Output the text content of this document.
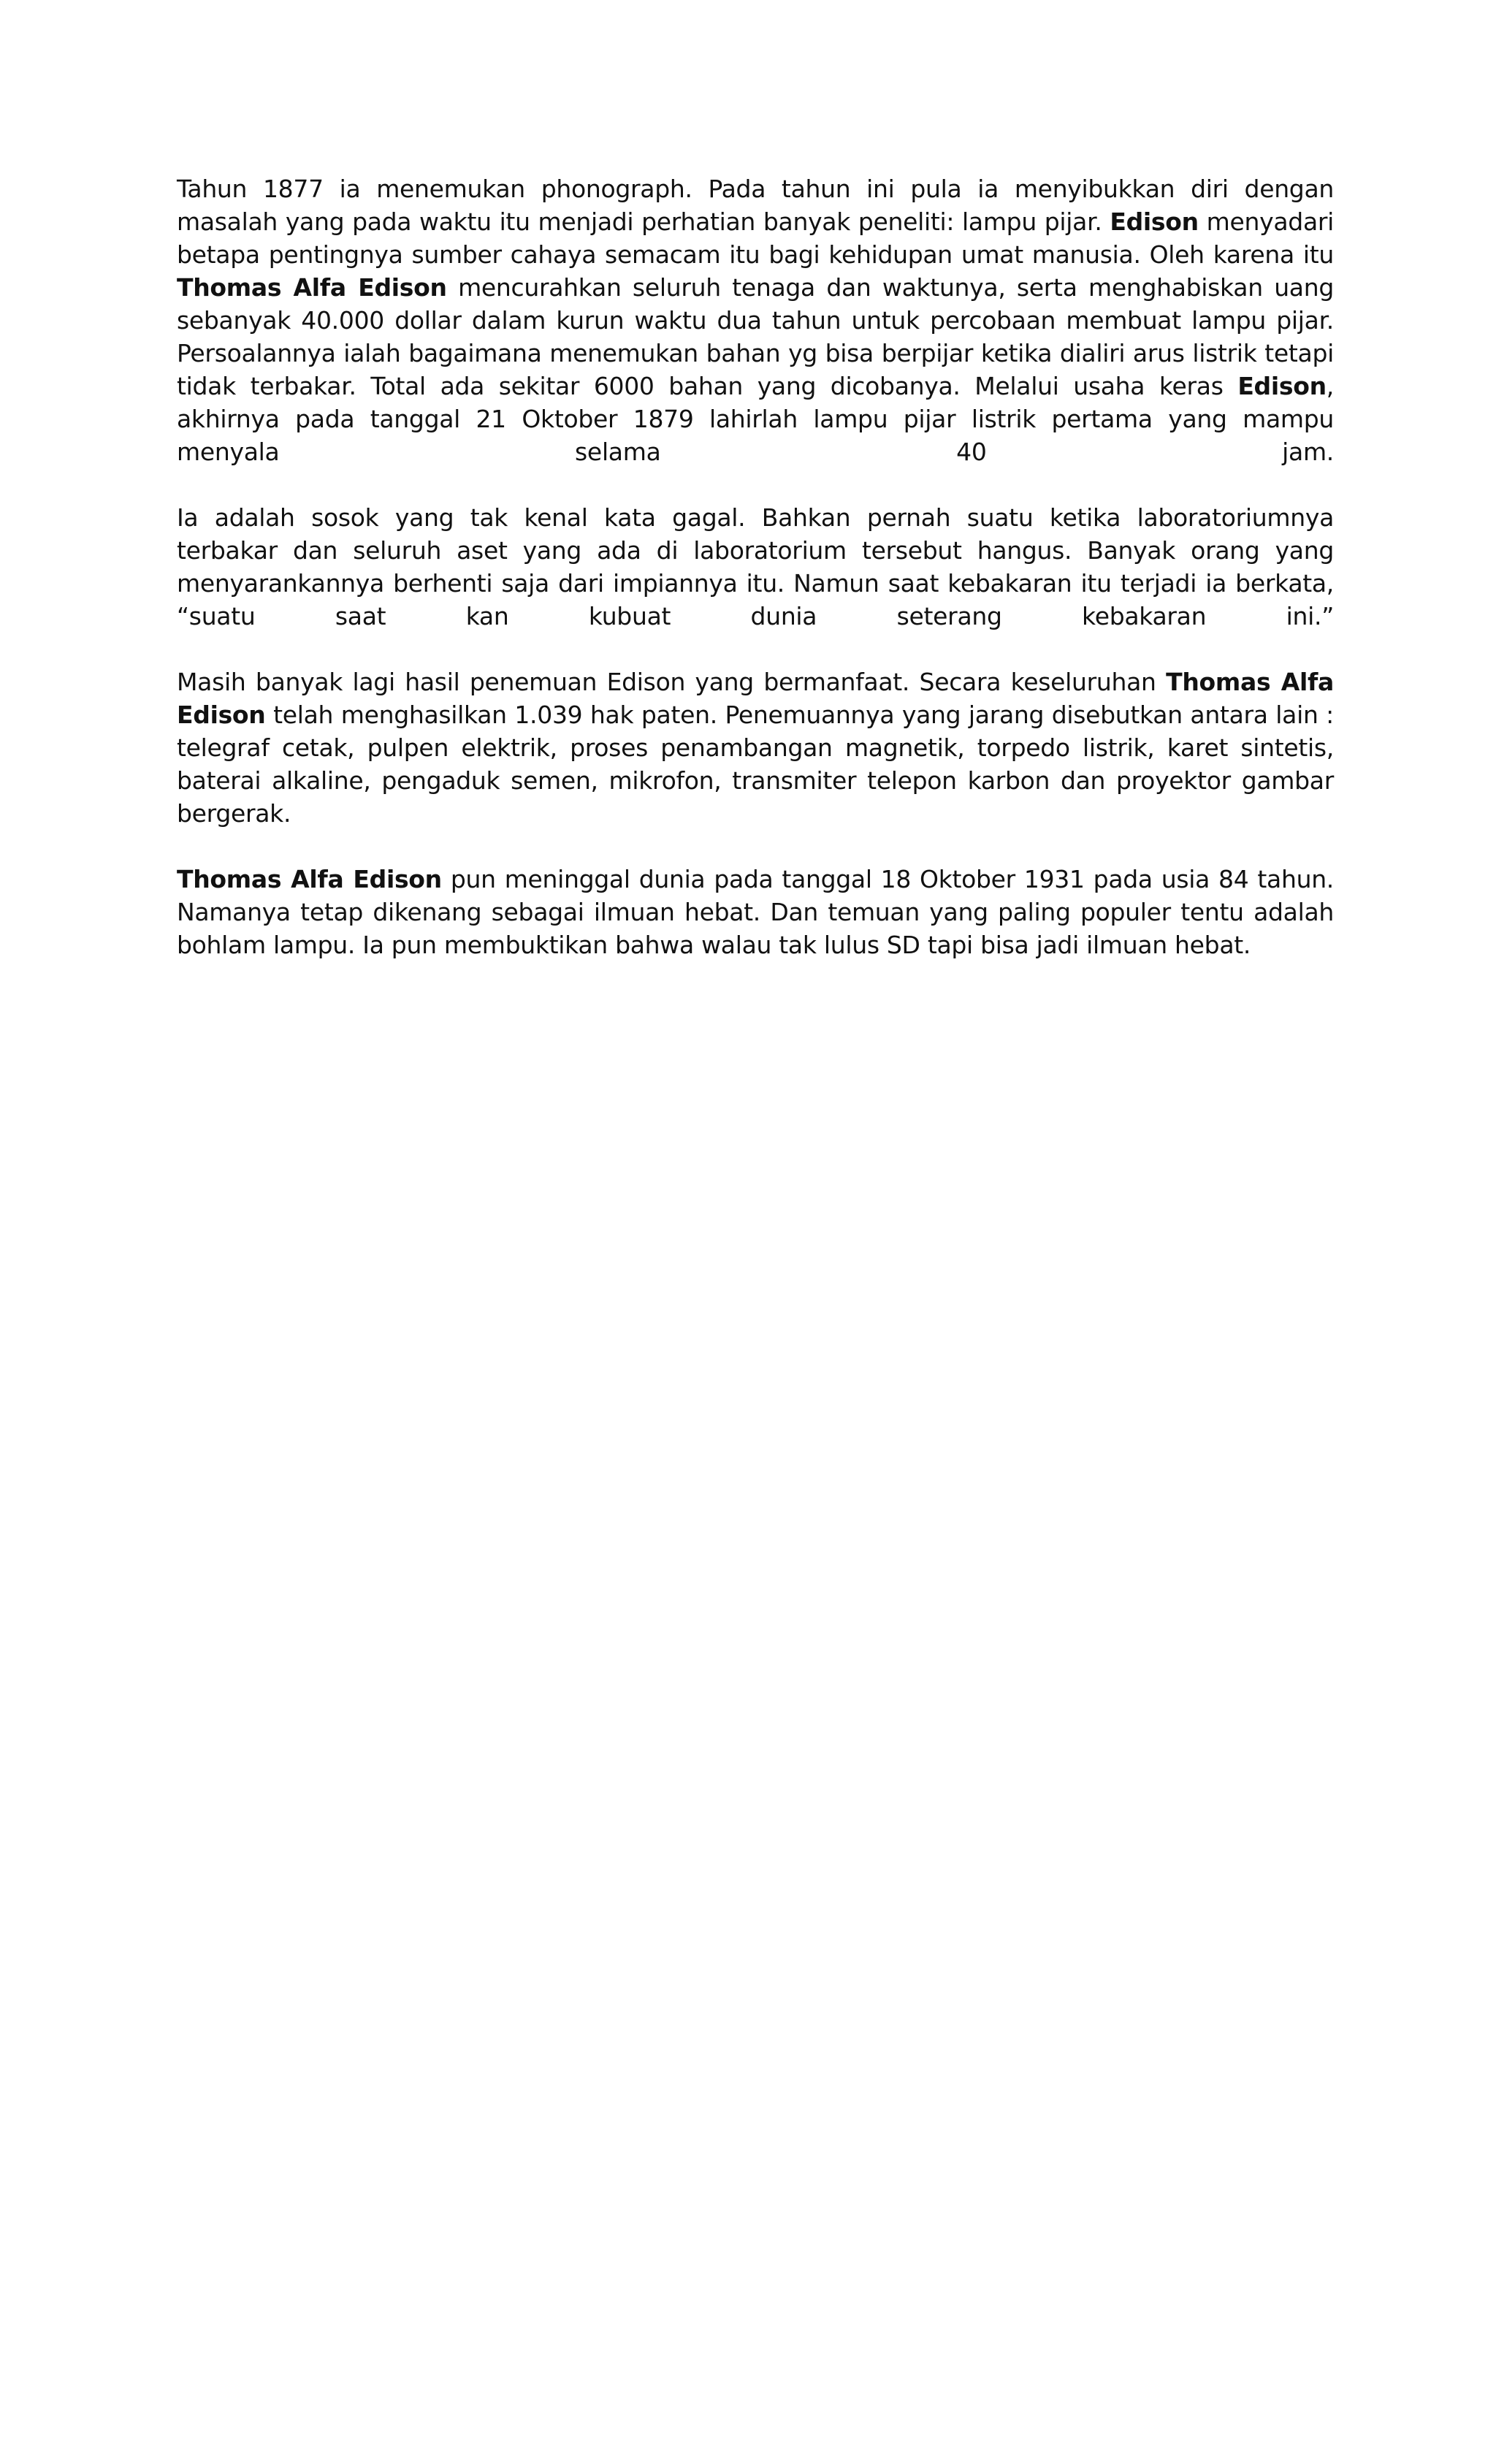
Tahun 1877 ia menemukan phonograph. Pada tahun ini pula ia menyibukkan diri dengan masalah yang pada waktu itu menjadi perhatian banyak peneliti: lampu pijar. Edison menyadari betapa pentingnya sumber cahaya semacam itu bagi kehidupan umat manusia. Oleh karena itu Thomas Alfa Edison mencurahkan seluruh tenaga dan waktunya, serta menghabiskan uang sebanyak 40.000 dollar dalam kurun waktu dua tahun untuk percobaan membuat lampu pijar. Persoalannya ialah bagaimana menemukan bahan yg bisa berpijar ketika dialiri arus listrik tetapi tidak terbakar. Total ada sekitar 6000 bahan yang dicobanya. Melalui usaha keras Edison, akhirnya pada tanggal 21 Oktober 1879 lahirlah lampu pijar listrik pertama yang mampu menyala selama 40 jam.

Ia adalah sosok yang tak kenal kata gagal. Bahkan pernah suatu ketika laboratoriumnya terbakar dan seluruh aset yang ada di laboratorium tersebut hangus. Banyak orang yang menyarankannya berhenti saja dari impiannya itu. Namun saat kebakaran itu terjadi ia berkata, “suatu saat kan kubuat dunia seterang kebakaran ini.”

Masih banyak lagi hasil penemuan Edison yang bermanfaat. Secara keseluruhan Thomas Alfa Edison telah menghasilkan 1.039 hak paten. Penemuannya yang jarang disebutkan antara lain : telegraf cetak, pulpen elektrik, proses penambangan magnetik, torpedo listrik, karet sintetis, baterai alkaline, pengaduk semen, mikrofon, transmiter telepon karbon dan proyektor gambar bergerak.

Thomas Alfa Edison pun meninggal dunia pada tanggal 18 Oktober 1931 pada usia 84 tahun. Namanya tetap dikenang sebagai ilmuan hebat. Dan temuan yang paling populer tentu adalah bohlam lampu. Ia pun membuktikan bahwa walau tak lulus SD tapi bisa jadi ilmuan hebat.
